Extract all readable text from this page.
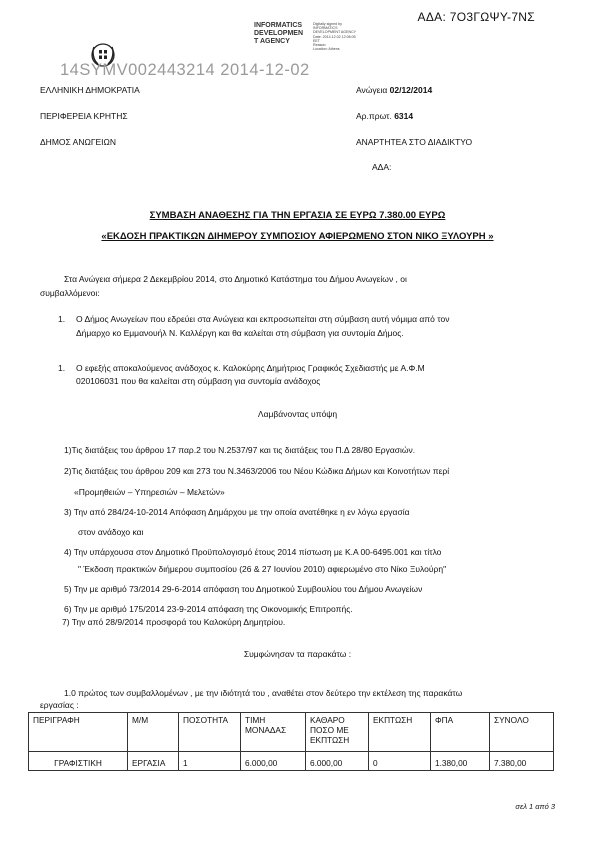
ΑΔΑ: 7Ο3ΓΩΨΥ-7ΝΣ
INFORMATICS
DEVELOPMEN
T AGENCY
Digitally signed by
INFORMATICS
DEVELOPMENT AGENCY
Date: 2014.12.02 12:06:05
EET
Reason:
Location: Athens
14SYMV002443214 2014-12-02
ΕΛΛΗΝΙΚΗ ΔΗΜΟΚΡΑΤΙΑ
ΠΕΡΙΦΕΡΕΙΑ ΚΡΗΤΗΣ
ΔΗΜΟΣ ΑΝΩΓΕΙΩΝ
Ανώγεια 02/12/2014
Αρ.πρωτ. 6314
ΑΝΑΡΤΗΤΕΑ ΣΤΟ ΔΙΑΔΙΚΤΥΟ
ΑΔΑ:
ΣΥΜΒΑΣΗ ΑΝΑΘΕΣΗΣ ΓΙΑ ΤΗΝ ΕΡΓΑΣΙΑ ΣΕ ΕΥΡΩ 7.380.00 ΕΥΡΩ
«ΕΚΔΟΣΗ ΠΡΑΚΤΙΚΩΝ ΔΙΗΜΕΡΟΥ ΣΥΜΠΟΣΙΟΥ ΑΦΙΕΡΩΜΕΝΟ ΣΤΟΝ ΝΙΚΟ ΞΥΛΟΥΡΗ »
Στα Ανώγεια σήμερα 2 Δεκεμβρίου 2014, στο Δημοτικό Κατάστημα του Δήμου Ανωγείων , οι
συμβαλλόμενοι:
1. Ο Δήμος Ανωγείων που εδρεύει στα Ανώγεια και εκπροσωπείται στη σύμβαση αυτή νόμιμα από τον
Δήμαρχο κο Εμμανουήλ Ν. Καλλέργη και θα καλείται στη σύμβαση για συντομία Δήμος.
1. Ο εφεξής αποκαλούμενος ανάδοχος κ. Καλοκύρης Δημήτριος Γραφικός Σχεδιαστής με Α.Φ.Μ
020106031 που θα καλείται στη σύμβαση για συντομία ανάδοχος
Λαμβάνοντας υπόψη
1)Τις διατάξεις του άρθρου 17 παρ.2 του Ν.2537/97 και τις διατάξεις του Π.Δ 28/80 Εργασιών.
2)Τις διατάξεις του άρθρου 209 και 273 του Ν.3463/2006 του Νέου Κώδικα Δήμων και Κοινοτήτων περί
«Προμηθειών – Υπηρεσιών – Μελετών»
3) Την από 284/24-10-2014 Απόφαση Δημάρχου με την οποία ανατέθηκε η εν λόγω εργασία
στον ανάδοχο και
4) Την υπάρχουσα στον Δημοτικό Προϋπολογισμό έτους 2014 πίστωση με Κ.Α 00-6495.001 και τίτλο
" Έκδοση πρακτικών διήμερου συμποσίου (26 & 27 Ιουνίου 2010) αφιερωμένο στο Νίκο Ξυλούρη"
5) Την με αριθμό 73/2014 29-6-2014 απόφαση του Δημοτικού Συμβουλίου του Δήμου Ανωγείων
6) Την με αριθμό 175/2014 23-9-2014 απόφαση της Οικονομικής Επιτροπής.
7) Την από 28/9/2014 προσφορά του Καλοκύρη Δημητρίου.
Συμφώνησαν τα παρακάτω :
1.0 πρώτος των συμβαλλομένων , με την ιδιότητά του , αναθέτει στον δεύτερο την εκτέλεση της παρακάτω
εργασίας :
ΠΕΡΙΓΡΑΦΗ	Μ/Μ	ΠΟΣΟΤΗΤΑ	ΤΙΜΗ ΜΟΝΑΔΑΣ	ΚΑΘΑΡΟ ΠΟΣΟ ΜΕ ΕΚΠΤΩΣΗ	ΕΚΠΤΩΣΗ	ΦΠΑ	ΣΥΝΟΛΟ
ΓΡΑΦΙΣΤΙΚΗ	ΕΡΓΑΣΙΑ	1	6.000,00	6.000,00	0	1.380,00	7.380,00
σελ 1 από 3
